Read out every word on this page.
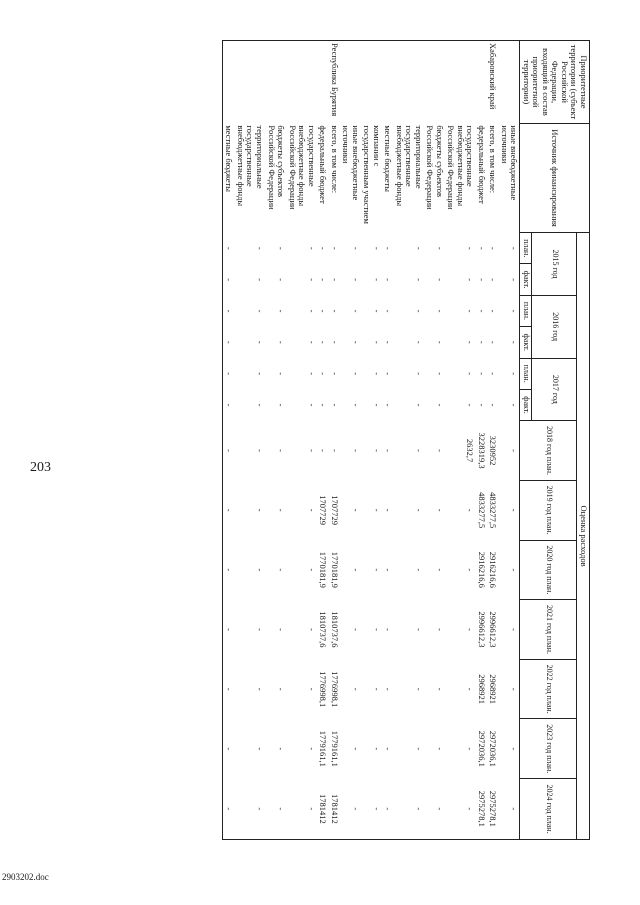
203
2903202.doc
Приоритетные территории (субъект Российской Федерации, входящий в состав приоритетной территории)	Источник финансирования	Оценка расходов												
		2015 год		2016 год		2017 год		2018 год план.	2019 год план.	2020 год план.	2021 год план.	2022 год план.	2023 год план.	2024 год план.
		план.	факт.	план.	факт.	план.	факт.							
	иные внебюджетные источники	-	-	-	-	-	-	-	-	-	-	-	-	-
Хабаровский край	всего, в том числе:	-	-	-	-	-	-	3230952	4833277,5	2916216,6	2996612,3	2968921	2972036,1	2975278,1
	федеральный бюджет	-	-	-	-	-	-	3228319,3	4833277,5	2916216,6	2996612,3	2968921	2972036,1	2975278,1
	государственные внебюджетные фонды Российской Федерации	-	-	-	-	-	-	2632,7	-	-	-	-	-	-
	бюджеты субъектов Российской Федерации	-	-	-	-	-	-	-	-	-	-	-	-	-
	территориальные государственные внебюджетные фонды	-	-	-	-	-	-	-	-	-	-	-	-	-
	местные бюджеты	-	-	-	-	-	-	-	-	-	-	-	-	-
	компании с государственным участием	-	-	-	-	-	-	-	-	-	-	-	-	-
	иные внебюджетные источники	-	-	-	-	-	-	-	-	-	-	-	-	-
Республика Бурятия	всего, в том числе:	-	-	-	-	-	-	-	1707729	1770181,9	1810737,6	1776998,1	1779161,1	1781412
	федеральный бюджет	-	-	-	-	-	-	-	1707729	1770181,9	1810737,6	1776998,1	1779161,1	1781412
	государственные внебюджетные фонды Российской Федерации	-	-	-	-	-	-	-	-	-	-	-	-	-
	бюджеты субъектов Российской Федерации	-	-	-	-	-	-	-	-	-	-	-	-	-
	территориальные государственные внебюджетные фонды	-	-	-	-	-	-	-	-	-	-	-	-	-
	местные бюджеты	-	-	-	-	-	-	-	-	-	-	-	-	-
